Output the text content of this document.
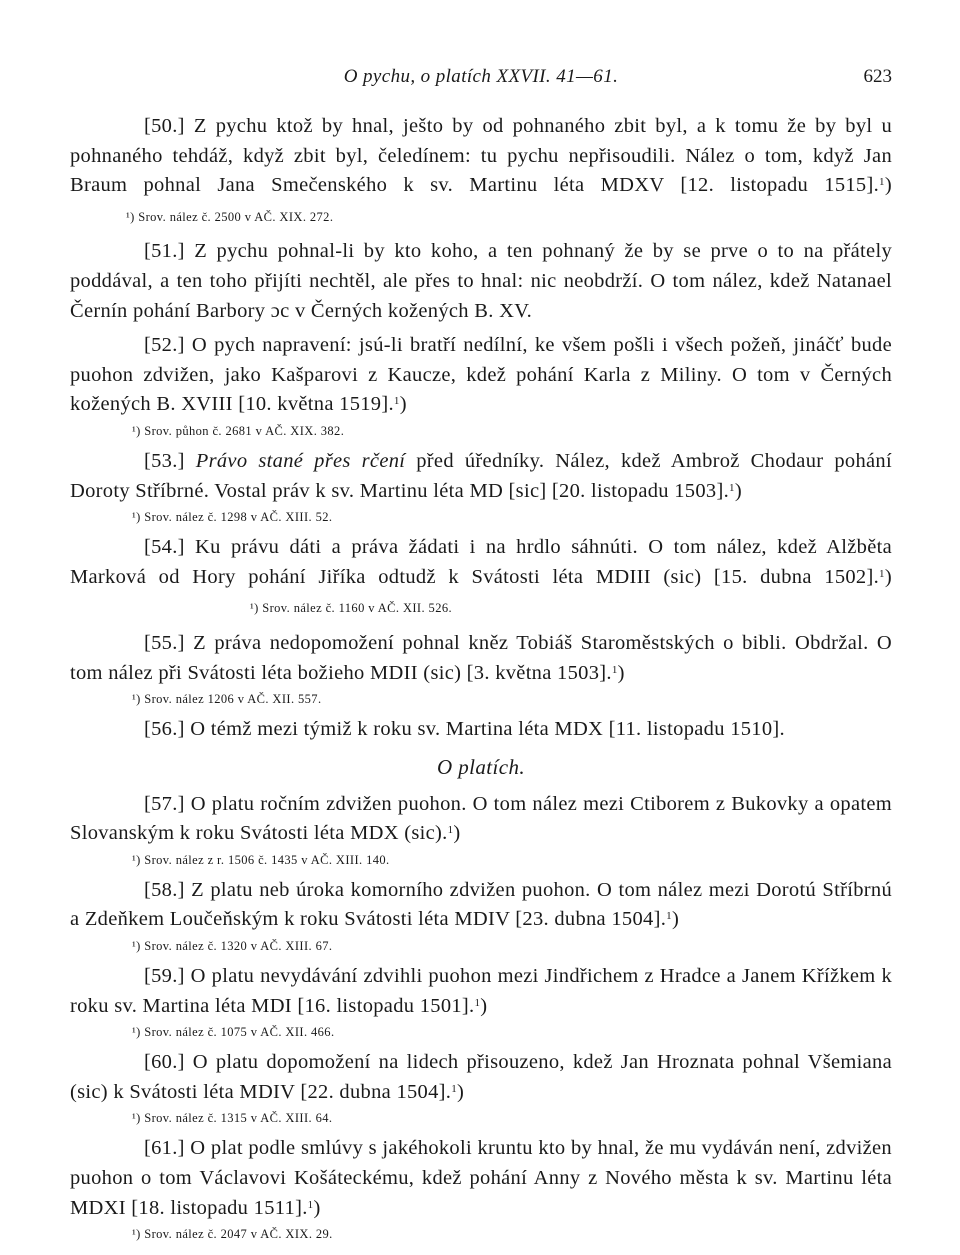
O pychu, o platích XXVII. 41—61.	623

[50.] Z pychu ktož by hnal, ješto by od pohnaného zbit byl, a k tomu že by byl u pohnaného tehdáž, když zbit byl, čeledínem: tu pychu nepřisoudili. Nález o tom, když Jan Braum pohnal Jana Smečenského k sv. Martinu léta MDXV [12. listopadu 1515].$^1$) ¹) Srov. nález č. 2500 v AČ. XIX. 272.

[51.] Z pychu pohnal-li by kto koho, a ten pohnaný že by se prve o to na přátely poddával, a ten toho přijíti nechtěl, ale přes to hnal: nic neobdrží. O tom nález, kdež Natanael Černín pohání Barbory ɔc v Černých kožených B. XV.

[52.] O pych napravení: jsú-li bratří nedílní, ke všem pošli i všech požeň, jináčť bude puohon zdvižen, jako Kašparovi z Kaucze, kdež pohání Karla z Miliny. O tom v Černých kožených B. XVIII [10. května 1519].$^1$)

¹) Srov. půhon č. 2681 v AČ. XIX. 382.

[53.] Právo stané přes rčení před úředníky. Nález, kdež Ambrož Chodaur pohání Doroty Stříbrné. Vostal práv k sv. Martinu léta MD [sic] [20. listopadu 1503].$^1$)

¹) Srov. nález č. 1298 v AČ. XIII. 52.

[54.] Ku právu dáti a práva žádati i na hrdlo sáhnúti. O tom nález, kdež Alžběta Marková od Hory pohání Jiříka odtudž k Svátosti léta MDIII (sic) [15. dubna 1502].$^1$) ¹) Srov. nález č. 1160 v AČ. XII. 526.

[55.] Z práva nedopomožení pohnal kněz Tobiáš Staroměstských o bibli. Obdržal. O tom nález při Svátosti léta božieho MDII (sic) [3. května 1503].$^1$)

¹) Srov. nález 1206 v AČ. XII. 557.

[56.] O témž mezi týmiž k roku sv. Martina léta MDX [11. listopadu 1510].

O platích.

[57.] O platu ročním zdvižen puohon. O tom nález mezi Ctiborem z Bukovky a opatem Slovanským k roku Svátosti léta MDX (sic).$^1$)

¹) Srov. nález z r. 1506 č. 1435 v AČ. XIII. 140.

[58.] Z platu neb úroka komorního zdvižen puohon. O tom nález mezi Dorotú Stříbrnú a Zdeňkem Loučeňským k roku Svátosti léta MDIV [23. dubna 1504].$^1$)

¹) Srov. nález č. 1320 v AČ. XIII. 67.

[59.] O platu nevydávání zdvihli puohon mezi Jindřichem z Hradce a Janem Křížkem k roku sv. Martina léta MDI [16. listopadu 1501].$^1$)

¹) Srov. nález č. 1075 v AČ. XII. 466.

[60.] O platu dopomožení na lidech přisouzeno, kdež Jan Hroznata pohnal Všemiana (sic) k Svátosti léta MDIV [22. dubna 1504].$^1$)

¹) Srov. nález č. 1315 v AČ. XIII. 64.

[61.] O plat podle smlúvy s jakéhokoli kruntu kto by hnal, že mu vydáván není, zdvižen puohon o tom Václavovi Košáteckému, kdež pohání Anny z Nového města k sv. Martinu léta MDXI [18. listopadu 1511].$^1$)

¹) Srov. nález č. 2047 v AČ. XIX. 29.
